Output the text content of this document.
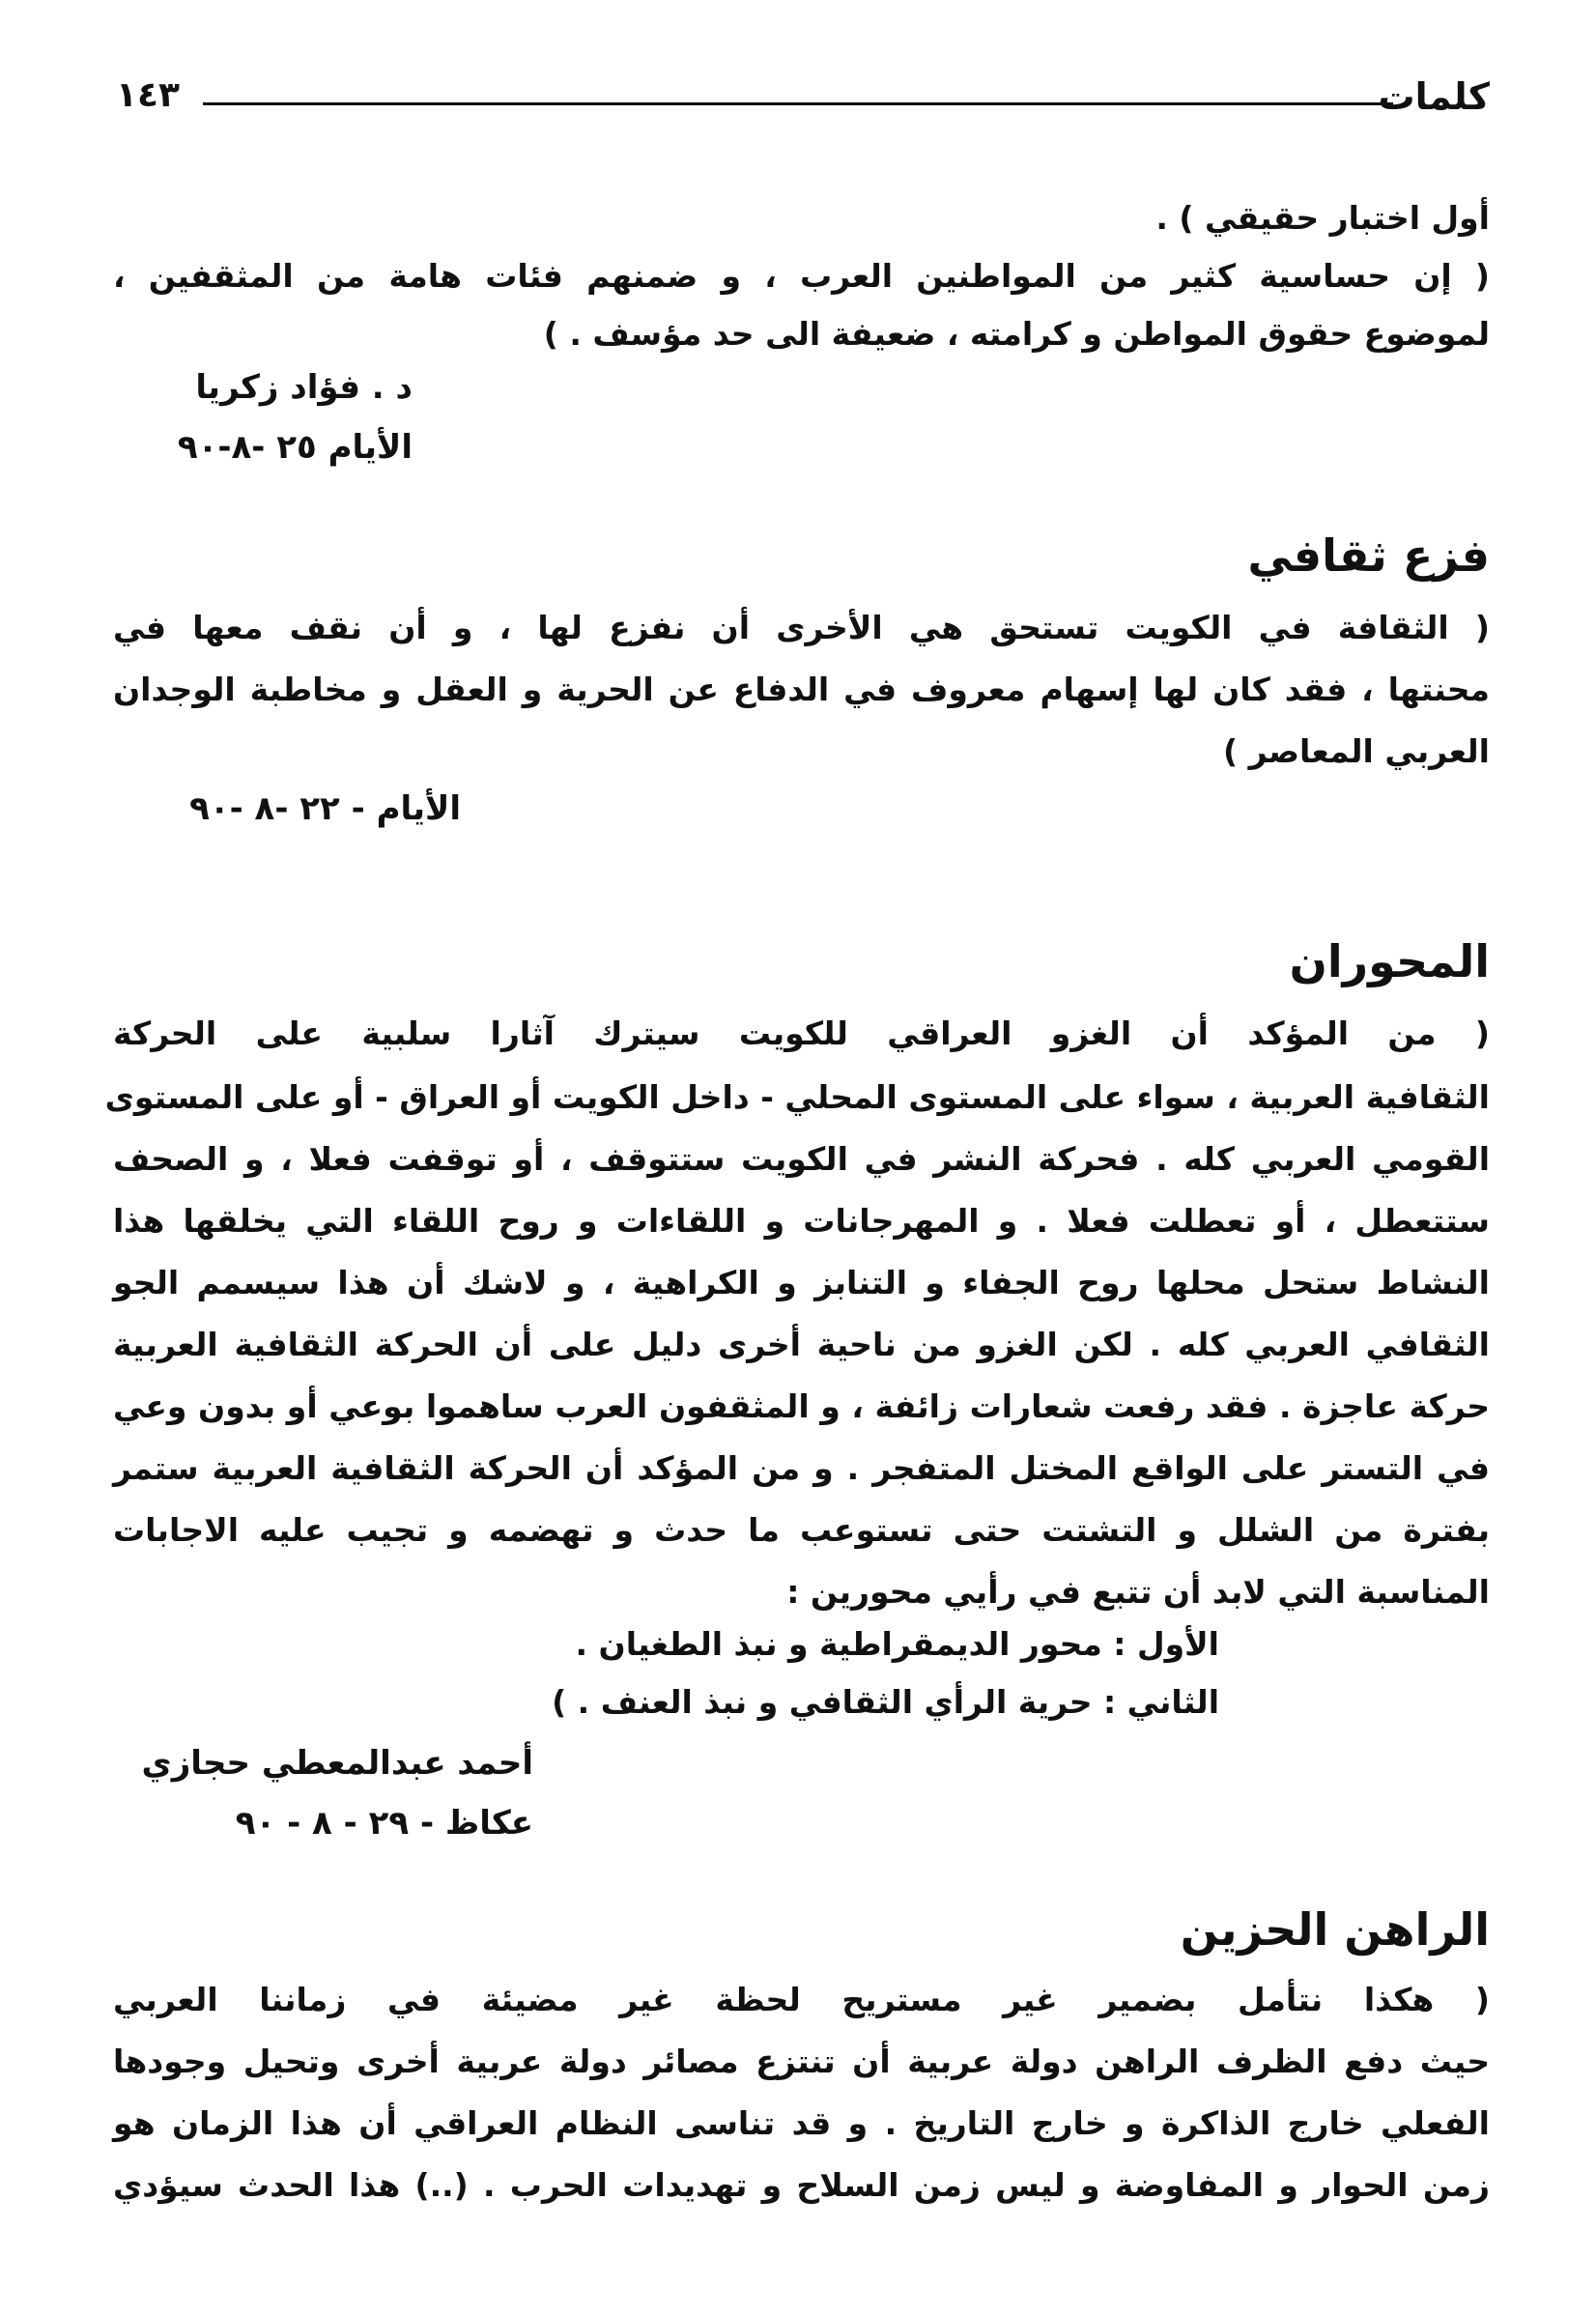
كلمات
١٤٣
أول اختبار حقيقي ) .
( إن حساسية كثير من المواطنين العرب ، و ضمنهم فئات هامة من المثقفين ،
لموضوع حقوق المواطن و كرامته ، ضعيفة الى حد مؤسف . )
د . فؤاد زكريا
الأيام ٢٥ -٨-٩٠
فزع ثقافي
( الثقافة في الكويت تستحق هي الأخرى أن نفزع لها ، و أن نقف معها في
محنتها ، فقد كان لها إسهام معروف في الدفاع عن الحرية و العقل و مخاطبة الوجدان
العربي المعاصر )
الأيام - ٢٢ -٨ -٩٠
المحوران
( من المؤكد أن الغزو العراقي للكويت سيترك آثارا سلبية على الحركة
الثقافية العربية ، سواء على المستوى المحلي - داخل الكويت أو العراق - أو على المستوى
القومي العربي كله . فحركة النشر في الكويت ستتوقف ، أو توقفت فعلا ، و الصحف
ستتعطل ، أو تعطلت فعلا . و المهرجانات و اللقاءات و روح اللقاء التي يخلقها هذا
النشاط ستحل محلها روح الجفاء و التنابز و الكراهية ، و لاشك أن هذا سيسمم الجو
الثقافي العربي كله . لكن الغزو من ناحية أخرى دليل على أن الحركة الثقافية العربية
حركة عاجزة . فقد رفعت شعارات زائفة ، و المثقفون العرب ساهموا بوعي أو بدون وعي
في التستر على الواقع المختل المتفجر . و من المؤكد أن الحركة الثقافية العربية ستمر
بفترة من الشلل و التشتت حتى تستوعب ما حدث و تهضمه و تجيب عليه الاجابات
المناسبة التي لابد أن تتبع في رأيي محورين :
الأول : محور الديمقراطية و نبذ الطغيان .
الثاني : حرية الرأي الثقافي و نبذ العنف . )
أحمد عبدالمعطي حجازي
عكاظ - ٢٩ - ٨ - ٩٠
الراهن الحزين
( هكذا نتأمل بضمير غير مستريح لحظة غير مضيئة في زماننا العربي
حيث دفع الظرف الراهن دولة عربية أن تنتزع مصائر دولة عربية أخرى وتحيل وجودها
الفعلي خارج الذاكرة و خارج التاريخ . و قد تناسى النظام العراقي أن هذا الزمان هو
زمن الحوار و المفاوضة و ليس زمن السلاح و تهديدات الحرب . (..) هذا الحدث سيؤدي
